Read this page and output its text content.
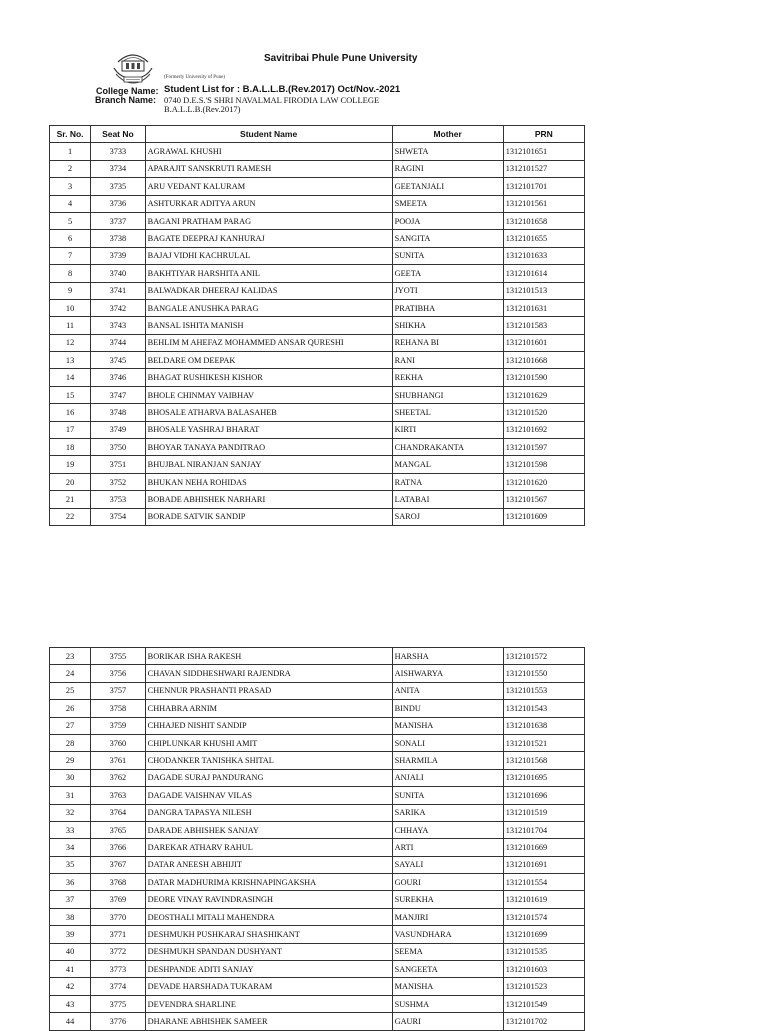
Savitribai Phule Pune University
(Formerly University of Pune)
College Name:
Branch Name:
Student List for : B.A.L.L.B.(Rev.2017) Oct/Nov.-2021
0740 D.E.S.'S SHRI NAVALMAL FIRODIA LAW COLLEGE
B.A.L.L.B.(Rev.2017)
Sr. No.	Seat No	Student Name	Mother	PRN
1	3733	AGRAWAL KHUSHI	SHWETA	1312101651
2	3734	APARAJIT SANSKRUTI RAMESH	RAGINI	1312101527
3	3735	ARU VEDANT KALURAM	GEETANJALI	1312101701
4	3736	ASHTURKAR ADITYA ARUN	SMEETA	1312101561
5	3737	BAGANI PRATHAM PARAG	POOJA	1312101658
6	3738	BAGATE DEEPRAJ KANHURAJ	SANGITA	1312101655
7	3739	BAJAJ VIDHI KACHRULAL	SUNITA	1312101633
8	3740	BAKHTIYAR HARSHITA ANIL	GEETA	1312101614
9	3741	BALWADKAR DHEERAJ KALIDAS	JYOTI	1312101513
10	3742	BANGALE ANUSHKA PARAG	PRATIBHA	1312101631
11	3743	BANSAL ISHITA MANISH	SHIKHA	1312101583
12	3744	BEHLIM M AHEFAZ MOHAMMED ANSAR QURESHI	REHANA BI	1312101601
13	3745	BELDARE OM DEEPAK	RANI	1312101668
14	3746	BHAGAT RUSHIKESH KISHOR	REKHA	1312101590
15	3747	BHOLE CHINMAY VAIBHAV	SHUBHANGI	1312101629
16	3748	BHOSALE ATHARVA BALASAHEB	SHEETAL	1312101520
17	3749	BHOSALE YASHRAJ BHARAT	KIRTI	1312101692
18	3750	BHOYAR TANAYA PANDITRAO	CHANDRAKANTA	1312101597
19	3751	BHUJBAL NIRANJAN SANJAY	MANGAL	1312101598
20	3752	BHUKAN NEHA ROHIDAS	RATNA	1312101620
21	3753	BOBADE ABHISHEK NARHARI	LATABAI	1312101567
22	3754	BORADE SATVIK SANDIP	SAROJ	1312101609
23	3755	BORIKAR ISHA RAKESH	HARSHA	1312101572
24	3756	CHAVAN SIDDHESHWARI RAJENDRA	AISHWARYA	1312101550
25	3757	CHENNUR PRASHANTI PRASAD	ANITA	1312101553
26	3758	CHHABRA ARNIM	BINDU	1312101543
27	3759	CHHAJED NISHIT SANDIP	MANISHA	1312101638
28	3760	CHIPLUNKAR KHUSHI AMIT	SONALI	1312101521
29	3761	CHODANKER TANISHKA SHITAL	SHARMILA	1312101568
30	3762	DAGADE SURAJ PANDURANG	ANJALI	1312101695
31	3763	DAGADE VAISHNAV VILAS	SUNITA	1312101696
32	3764	DANGRA TAPASYA NILESH	SARIKA	1312101519
33	3765	DARADE ABHISHEK SANJAY	CHHAYA	1312101704
34	3766	DAREKAR ATHARV RAHUL	ARTI	1312101669
35	3767	DATAR ANEESH ABHIJIT	SAYALI	1312101691
36	3768	DATAR MADHURIMA KRISHNAPINGAKSHA	GOURI	1312101554
37	3769	DEORE VINAY RAVINDRASINGH	SUREKHA	1312101619
38	3770	DEOSTHALI MITALI MAHENDRA	MANJIRI	1312101574
39	3771	DESHMUKH PUSHKARAJ SHASHIKANT	VASUNDHARA	1312101699
40	3772	DESHMUKH SPANDAN DUSHYANT	SEEMA	1312101535
41	3773	DESHPANDE ADITI SANJAY	SANGEETA	1312101603
42	3774	DEVADE HARSHADA TUKARAM	MANISHA	1312101523
43	3775	DEVENDRA SHARLINE	SUSHMA	1312101549
44	3776	DHARANE ABHISHEK SAMEER	GAURI	1312101702
